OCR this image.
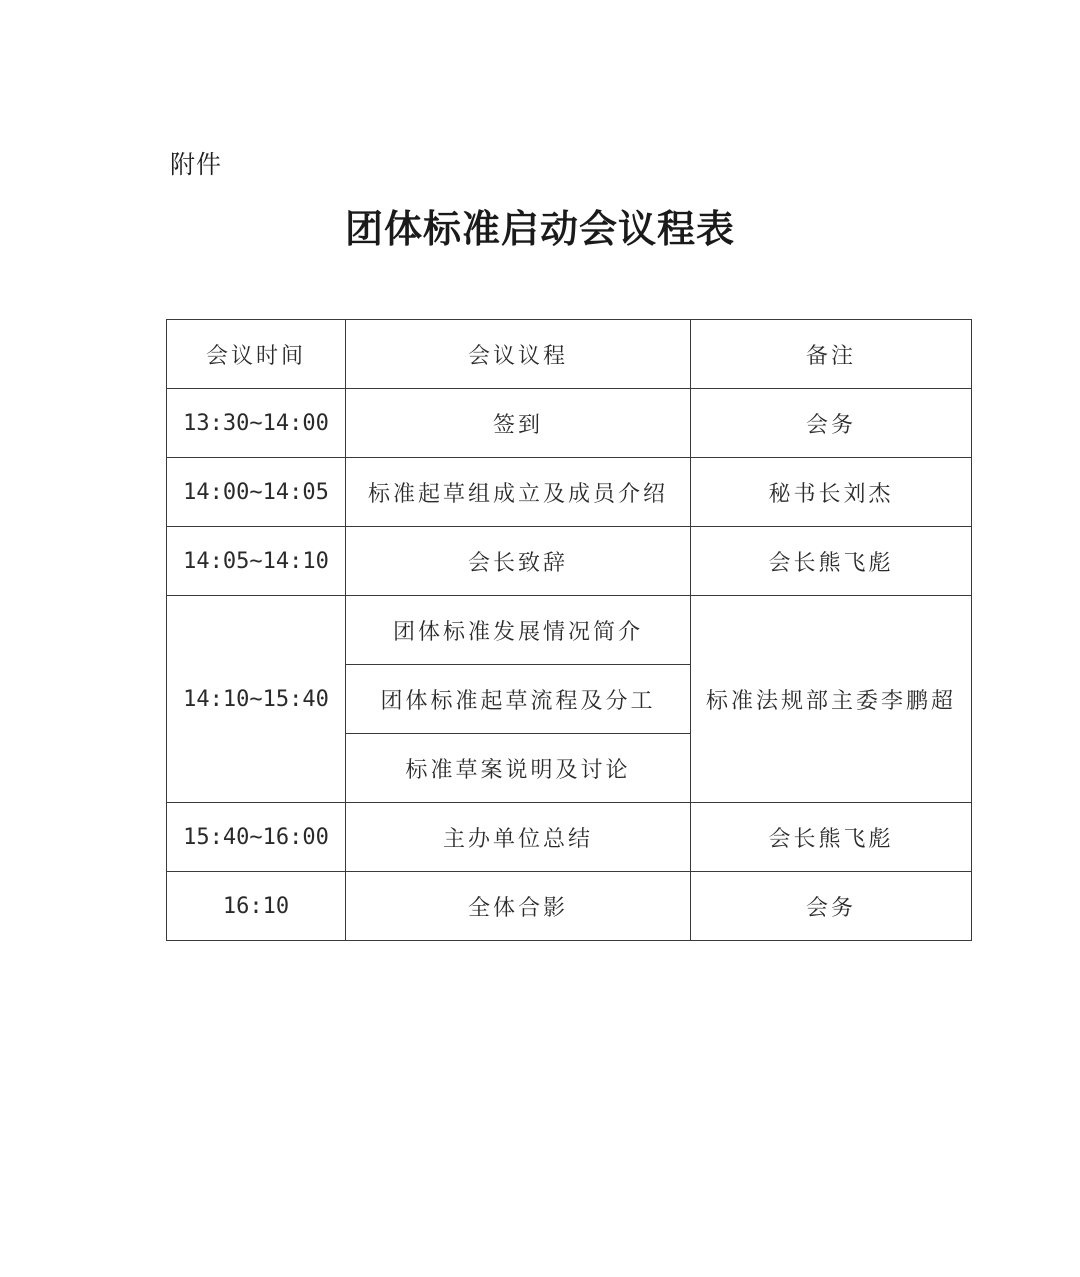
附件
团体标准启动会议程表
会议时间	会议议程	备注
13:30~14:00	签到	会务
14:00~14:05	标准起草组成立及成员介绍	秘书长刘杰
14:05~14:10	会长致辞	会长熊飞彪
14:10~15:40	团体标准发展情况简介	标准法规部主委李鹏超
	团体标准起草流程及分工	
	标准草案说明及讨论	
15:40~16:00	主办单位总结	会长熊飞彪
16:10	全体合影	会务
